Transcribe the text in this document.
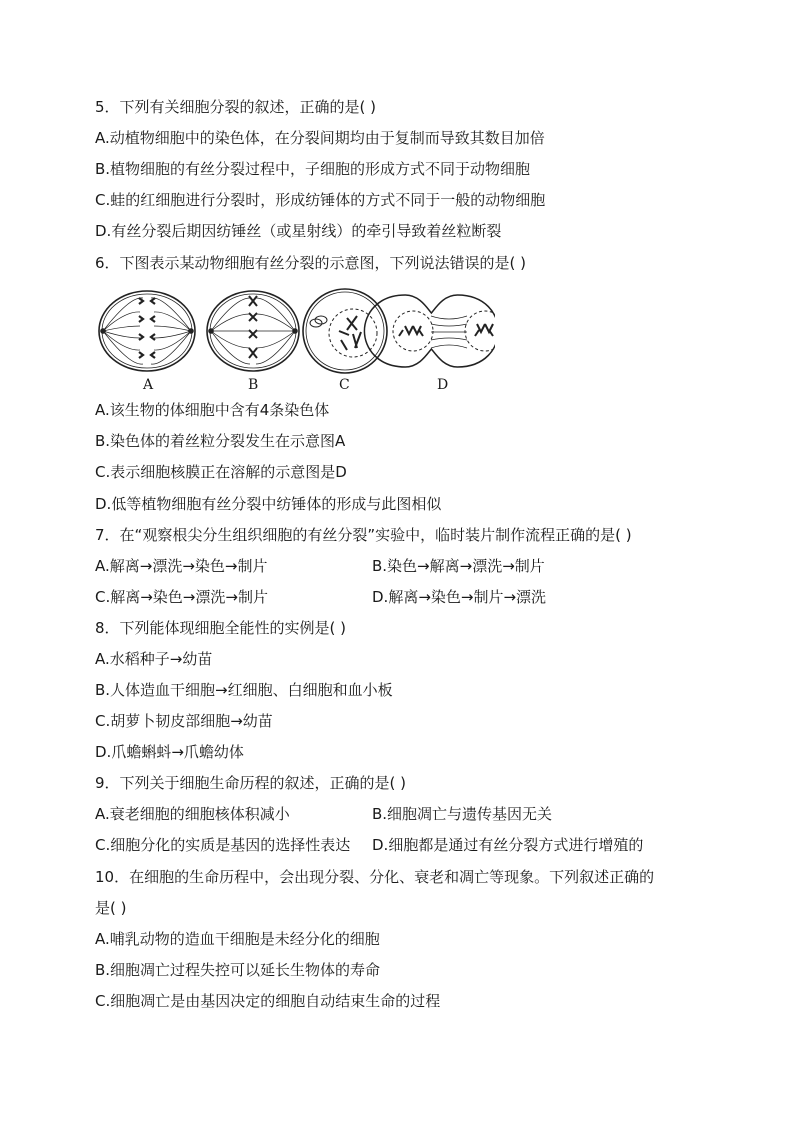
5．下列有关细胞分裂的叙述，正确的是( )
A.动植物细胞中的染色体，在分裂间期均由于复制而导致其数目加倍
B.植物细胞的有丝分裂过程中，子细胞的形成方式不同于动物细胞
C.蛙的红细胞进行分裂时，形成纺锤体的方式不同于一般的动物细胞
D.有丝分裂后期因纺锤丝（或星射线）的牵引导致着丝粒断裂
6．下图表示某动物细胞有丝分裂的示意图，下列说法错误的是( )
A	B	C	D
A.该生物的体细胞中含有4条染色体
B.染色体的着丝粒分裂发生在示意图A
C.表示细胞核膜正在溶解的示意图是D
D.低等植物细胞有丝分裂中纺锤体的形成与此图相似
7．在“观察根尖分生组织细胞的有丝分裂”实验中，临时装片制作流程正确的是( )
A.解离→漂洗→染色→制片	B.染色→解离→漂洗→制片
C.解离→染色→漂洗→制片	D.解离→染色→制片→漂洗
8．下列能体现细胞全能性的实例是( )
A.水稻种子→幼苗
B.人体造血干细胞→红细胞、白细胞和血小板
C.胡萝卜韧皮部细胞→幼苗
D.爪蟾蝌蚪→爪蟾幼体
9．下列关于细胞生命历程的叙述，正确的是( )
A.衰老细胞的细胞核体积减小	B.细胞凋亡与遗传基因无关
C.细胞分化的实质是基因的选择性表达 D.细胞都是通过有丝分裂方式进行增殖的
10．在细胞的生命历程中，会出现分裂、分化、衰老和凋亡等现象。下列叙述正确的
是( )
A.哺乳动物的造血干细胞是未经分化的细胞
B.细胞凋亡过程失控可以延长生物体的寿命
C.细胞凋亡是由基因决定的细胞自动结束生命的过程
